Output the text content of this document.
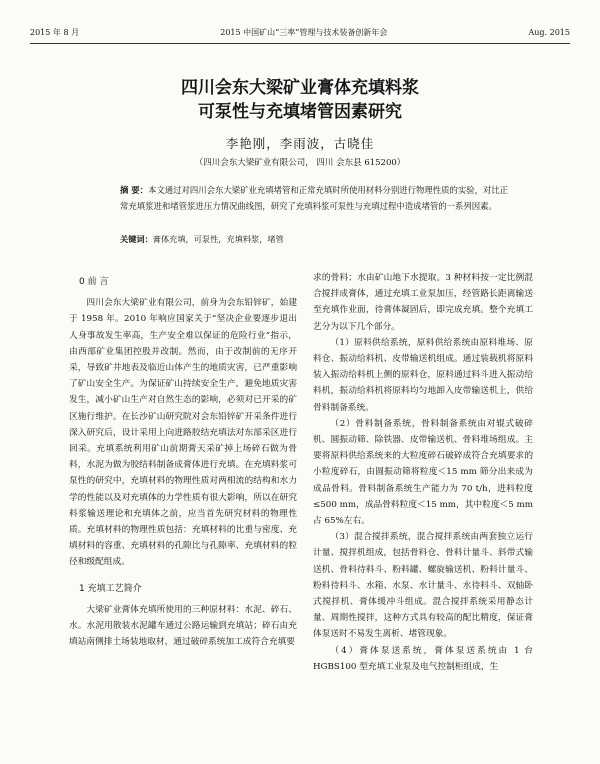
2015 年 8 月	2015 中国矿山“三率”管理与技术装备创新年会	Aug. 2015
四川会东大梁矿业膏体充填料浆
可泵性与充填堵管因素研究
李艳刚，李雨波，古晓佳
（四川会东大梁矿业有限公司， 四川 会东县 615200）
摘 要：本文通过对四川会东大梁矿业充填堵管和正常充填时所使用材料分别进行物理性质的实验，对比正常充填浆进和堵管浆进压力情况曲线图，研究了充填料浆可泵性与充填过程中造成堵管的一系列因素。
关键词：膏体充填，可泵性，充填料浆，堵管
0 前 言

四川会东大梁矿业有限公司，前身为会东铅锌矿，始建于 1958 年。2010 年响应国家关于“坚决企业要逐步退出人身事故发生率高，生产安全难以保证的危险行业”指示，由西部矿业集团控股并改制。然而，由于改制前的无序开采，导致矿井地表及临近山体产生的地质灾害，已严重影响了矿山安全生产。为保证矿山持续安全生产，避免地质灾害发生，减小矿山生产对自然生态的影响，必须对已开采的矿区施行维护。在长沙矿山研究院对会东铅锌矿开采条件进行深入研究后，设计采用上向进路胶结充填法对东部采区进行回采。充填系统利用矿山前期膏天采矿掉上场碎石做为骨料，水泥为做为胶结料制备成膏体进行充填。在充填料浆可泵性的研究中，充填材料的物理性质对两相流的结构和水力学的性能以及对充填体的力学性质有很大影响，所以在研究料浆输送理论和充填体之前，应当首先研究材料的物理性质。充填材料的物理性质包括：充填材料的比重与密度、充填材料的容重、充填材料的孔隙比与孔隙率、充填材料的粒径和级配组成。

1 充填工艺简介

大梁矿业膏体充填所使用的三种原材料：水泥、碎石、水。水泥用散装水泥罐车通过公路运输到充填站；碎石由充填站南侧排土场装地取材，通过破碎系统加工成符合充填要

求的骨料；水由矿山地下水提取。3 种材料按一定比例混合搅拌成膏体，通过充填工业泵加压，经管路长距离输送至充填作业面，待膏体凝固后，即完成充填。整个充填工艺分为以下几个部分。

（1）原料供给系统，原料供给系统由原料堆场、原料仓、振动给料机、皮带输送机组成。通过装载机将原料装入振动给料机上侧的原料仓，原料通过料斗进入振动给料机，振动给料机将原料均匀地卸入皮带输送机上，供给骨料制备系统。

（2）骨料制备系统，骨料制备系统由对辊式破碎机、圆振动筛、除铁器、皮带输送机、骨料堆场组成。主要将原料供给系统来的大粒度碎石破碎成符合充填要求的小粒度碎石，由圆振动筛将粒度＜15 mm 筛分出来成为成品骨料。骨料制备系统生产能力为 70 t/h，进料粒度≤500 mm，成品骨料粒度＜15 mm，其中粒度＜5 mm 占 65%左右。

（3）混合搅拌系统，混合搅拌系统由两套独立运行计量、搅拌机组成，包括骨料仓、骨料计量斗、斜带式输送机、骨料待料斗、粉料罐、螺旋输送机、粉料计量斗、粉料待料斗、水箱、水泵、水计量斗、水待料斗、双轴卧式搅拌机、膏体缓冲斗组成。混合搅拌系统采用静态计量、周期性搅拌，这种方式具有较高的配比精度，保证膏体泵送时不易发生离析、堵管现象。

（4）膏体泵送系统，膏体泵送系统由 1 台 HGBS100 型充填工业泵及电气控制柜组成，生
